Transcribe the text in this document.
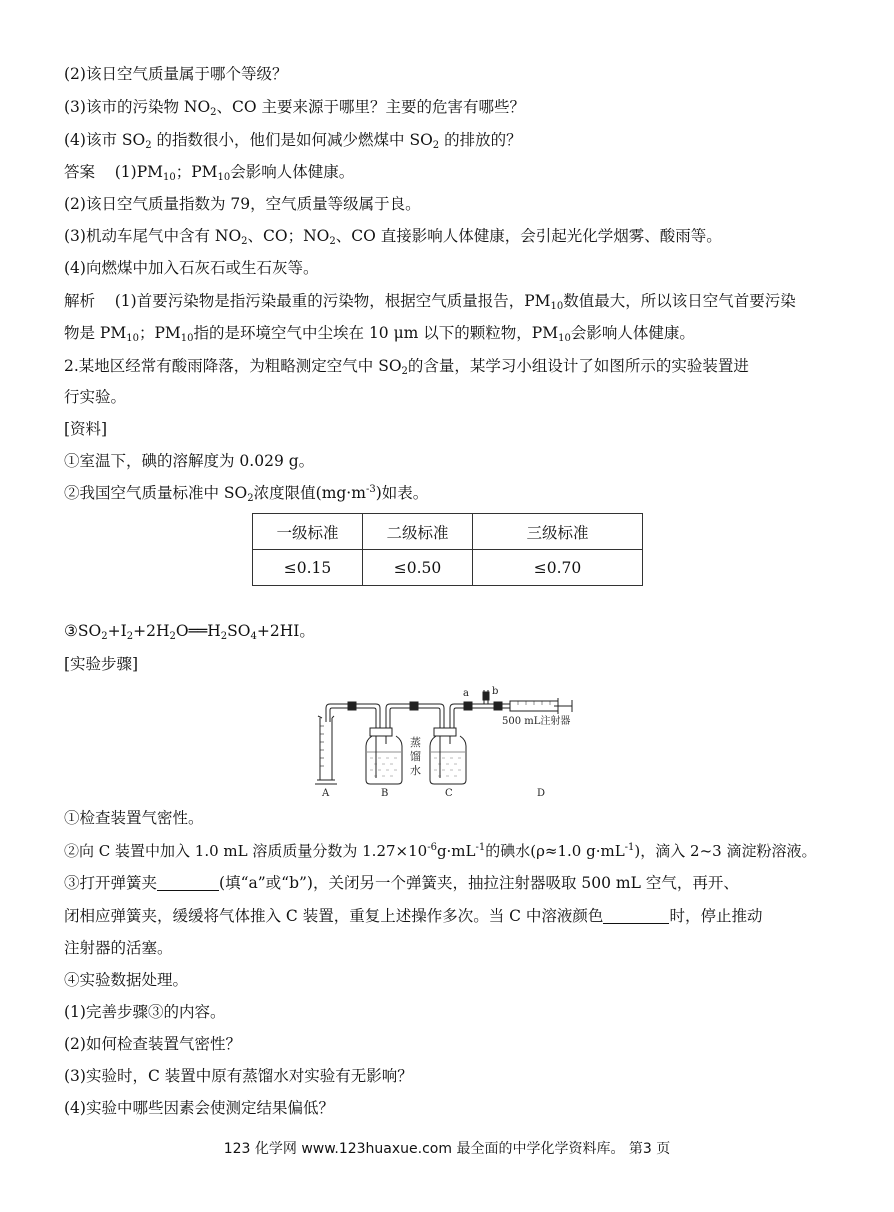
(2)该日空气质量属于哪个等级？
(3)该市的污染物 $NO_2$、CO 主要来源于哪里？主要的危害有哪些？
(4)该市 $SO_2$ 的指数很小，他们是如何减少燃煤中 $SO_2$ 的排放的？
答案 $(1)PM_{10}$；$PM_{10}$会影响人体健康。
(2)该日空气质量指数为 79，空气质量等级属于良。
(3)机动车尾气中含有 $NO_2$、CO；$NO_2$、CO 直接影响人体健康，会引起光化学烟雾、酸雨等。
(4)向燃煤中加入石灰石或生石灰等。
解析 (1)首要污染物是指污染最重的污染物，根据空气质量报告，$PM_{10}$数值最大，所以该日空气首要污染
物是 $PM_{10}$；$PM_{10}$指的是环境空气中尘埃在 10 μm 以下的颗粒物，$PM_{10}$会影响人体健康。
2.某地区经常有酸雨降落，为粗略测定空气中 $SO_2$的含量，某学习小组设计了如图所示的实验装置进
行实验。
[资料]
①室温下，碘的溶解度为 0.029 g。
②我国空气质量标准中 $SO_2$浓度限值$(mg\cdot m^{-3})$如表。
一级标准	二级标准	三级标准
≤0.15	≤0.50	≤0.70
$③SO_2+I_2+2H_2O══H_2SO_4+2HI$。
[实验步骤]
a b
500 mL注射器
蒸
馏
水
A	B	C	D
①检查装置气密性。
②向 C 装置中加入 1.0 mL 溶质质量分数为 $1.27\times 10^{-6}g\cdot mL^{-1}$的碘水(ρ≈1.0 $g\cdot mL^{-1}$)，滴入 2~3 滴淀粉溶液。
③打开弹簧夹	(填“a”或“b”)，关闭另一个弹簧夹，抽拉注射器吸取 500 mL 空气，再开、
闭相应弹簧夹，缓缓将气体推入 C 装置，重复上述操作多次。当 C 中溶液颜色	时，停止推动
注射器的活塞。
④实验数据处理。
(1)完善步骤③的内容。
(2)如何检查装置气密性？
(3)实验时，C 装置中原有蒸馏水对实验有无影响？
(4)实验中哪些因素会使测定结果偏低？
123 化学网 www.123huaxue.com 最全面的中学化学资料库。 第3 页
